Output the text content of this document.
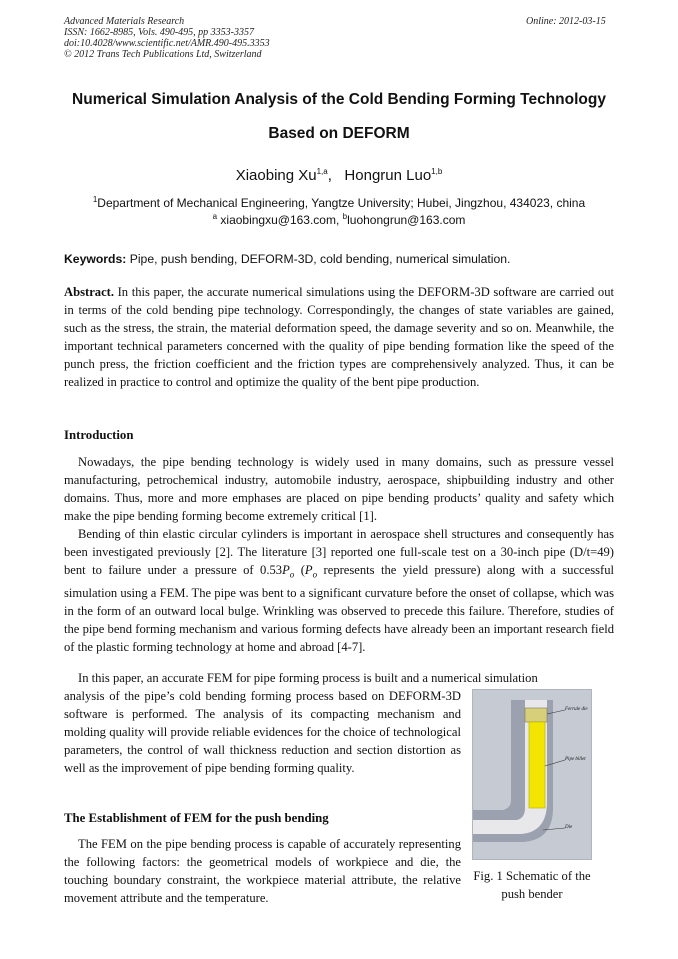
Advanced Materials Research
ISSN: 1662-8985, Vols. 490-495, pp 3353-3357
doi:10.4028/www.scientific.net/AMR.490-495.3353
© 2012 Trans Tech Publications Ltd, Switzerland
Online: 2012-03-15
Numerical Simulation Analysis of the Cold Bending Forming Technology
Based on DEFORM
Xiaobing Xu$^{1,a}$, Hongrun Luo$^{1,b}$
$^1$Department of Mechanical Engineering, Yangtze University; Hubei, Jingzhou, 434023, china
$^a$ xiaobingxu@163.com, $^b$luohongrun@163.com
Keywords: Pipe, push bending, DEFORM-3D, cold bending, numerical simulation.
Abstract. In this paper, the accurate numerical simulations using the DEFORM-3D software are carried out in terms of the cold bending pipe technology. Correspondingly, the changes of state variables are gained, such as the stress, the strain, the material deformation speed, the damage severity and so on. Meanwhile, the important technical parameters concerned with the quality of pipe bending formation like the speed of the punch press, the friction coefficient and the friction types are comprehensively analyzed. Thus, it can be realized in practice to control and optimize the quality of the bent pipe production.
Introduction
Nowadays, the pipe bending technology is widely used in many domains, such as pressure vessel manufacturing, petrochemical industry, automobile industry, aerospace, shipbuilding industry and other domains. Thus, more and more emphases are placed on pipe bending products’ quality and safety which make the pipe bending forming become extremely critical [1].
Bending of thin elastic circular cylinders is important in aerospace shell structures and consequently has been investigated previously [2]. The literature [3] reported one full-scale test on a 30-inch pipe (D/t=49) bent to failure under a pressure of $0.53P_o$ ($P_o$ represents the yield pressure) along with a successful simulation using a FEM. The pipe was bent to a significant curvature before the onset of collapse, which was in the form of an outward local bulge. Wrinkling was observed to precede this failure. Therefore, studies of the pipe bend forming mechanism and various forming defects have already been an important research field of the plastic forming technology at home and abroad [4-7].
In this paper, an accurate FEM for pipe forming process is built and a numerical simulation
analysis of the pipe’s cold bending forming process based on DEFORM-3D software is performed. The analysis of its compacting mechanism and molding quality will provide reliable evidences for the choice of technological parameters, the control of wall thickness reduction and section distortion as well as the improvement of pipe bending forming quality.
The Establishment of FEM for the push bending
The FEM on the pipe bending process is capable of accurately representing the following factors: the geometrical models of workpiece and die, the touching boundary constraint, the workpiece material attribute, the relative movement attribute and the temperature.
Ferrule die
Pipe billet
Die
Fig. 1 Schematic of the push bender
